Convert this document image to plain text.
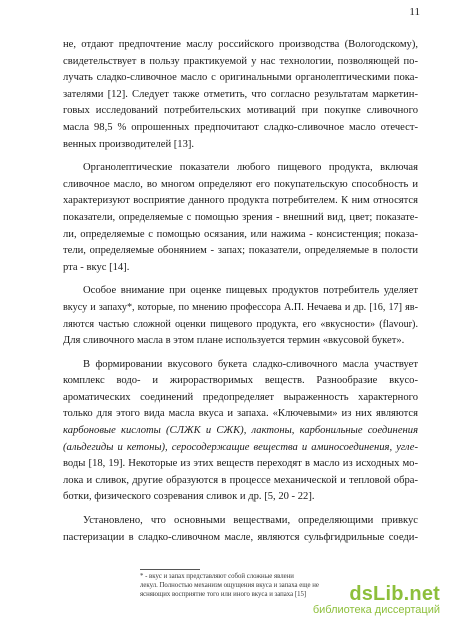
11
не, отдают предпочтение маслу российского производства (Вологодскому),
свидетельствует в пользу практикуемой у нас технологии, позволяющей по-
лучать сладко-сливочное масло с оригинальными органолептическими пока-
зателями [12]. Следует также отметить, что согласно результатам маркетин-
говых исследований потребительских мотиваций при покупке сливочного
масла 98,5 % опрошенных предпочитают сладко-сливочное масло отечест-
венных производителей [13].
Органолептические показатели любого пищевого продукта, включая
сливочное масло, во многом определяют его покупательскую способность и
характеризуют восприятие данного продукта потребителем. К ним относятся
показатели, определяемые с помощью зрения - внешний вид, цвет; показате-
ли, определяемые с помощью осязания, или нажима - консистенция; показа-
тели, определяемые обонянием - запах; показатели, определяемые в полости
рта - вкус [14].
Особое внимание при оценке пищевых продуктов потребитель уделяет
вкусу и запаху*, которые, по мнению профессора А.П. Нечаева и др. [16, 17] яв-
ляются частью сложной оценки пищевого продукта, его «вкусности» (flavour).
Для сливочного масла в этом плане используется термин «вкусовой букет».
В формировании вкусового букета сладко-сливочного масла участвует
комплекс водо- и жирорастворимых веществ. Разнообразие вкусо-
ароматических соединений предопределяет выраженность характерного
только для этого вида масла вкуса и запаха. «Ключевыми» из них являются
карбоновые кислоты (СЛЖК и СЖК), лактоны, карбонильные соединения
(альдегиды и кетоны), серосодержащие вещества и аминосоединения, угле-
воды [18, 19]. Некоторые из этих веществ переходят в масло из исходных мо-
лока и сливок, другие образуются в процессе механической и тепловой обра-
ботки, физического созревания сливок и др. [5, 20 - 22].
Установлено, что основными веществами, определяющими привкус
пастеризации в сладко-сливочном масле, являются сульфгидрильные соеди-
* - вкус и запах представляют собой сложные явлени
лекул. Полностью механизм ощущения вкуса и запаха еще не
ясняющих восприятие того или иного вкуса и запаха [15]	dsLib.net
библиотека диссертаций
